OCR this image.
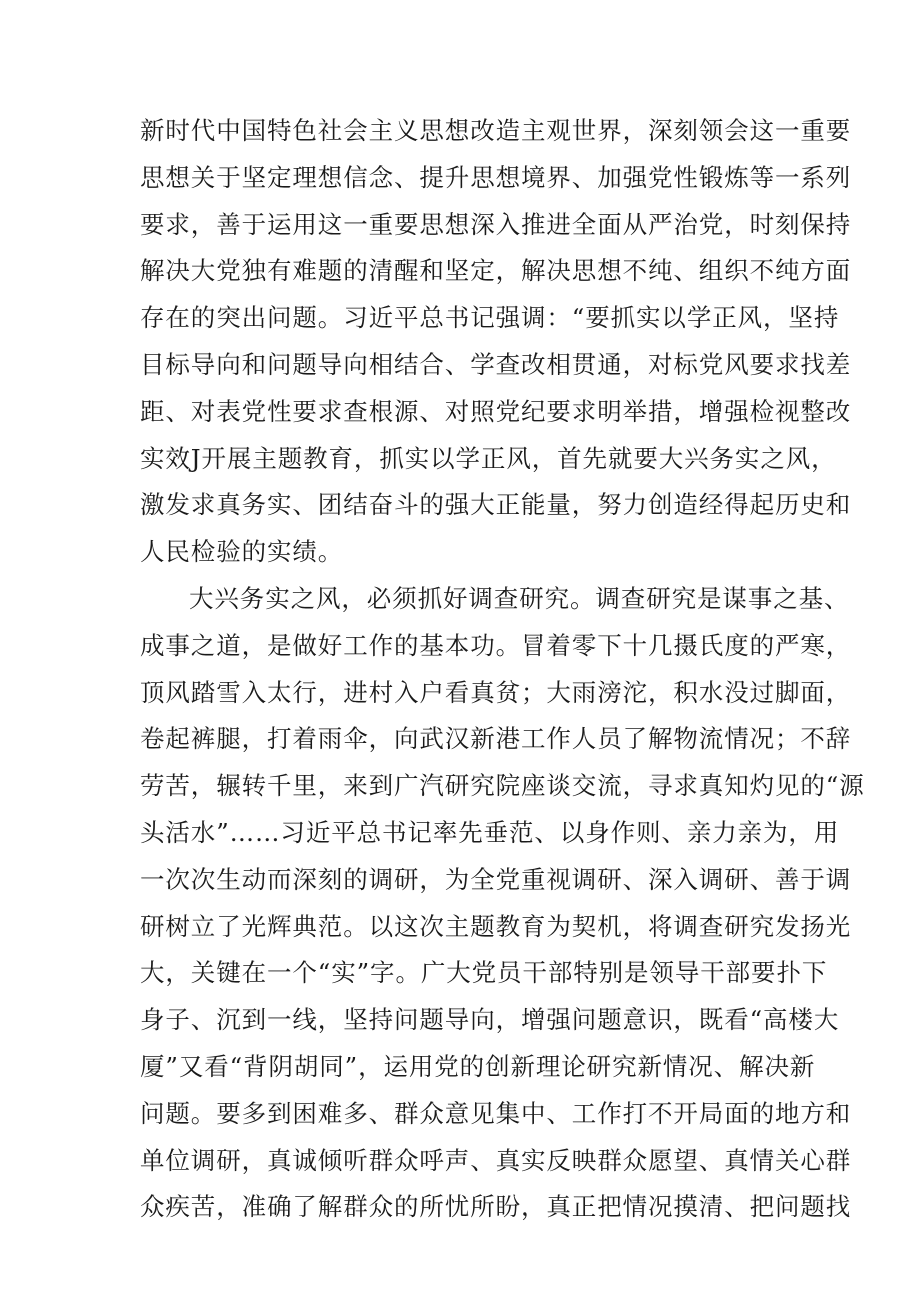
新时代中国特色社会主义思想改造主观世界，深刻领会这一重要
思想关于坚定理想信念、提升思想境界、加强党性锻炼等一系列
要求，善于运用这一重要思想深入推进全面从严治党，时刻保持
解决大党独有难题的清醒和坚定，解决思想不纯、组织不纯方面
存在的突出问题。习近平总书记强调：“要抓实以学正风，坚持
目标导向和问题导向相结合、学查改相贯通，对标党风要求找差
距、对表党性要求查根源、对照党纪要求明举措，增强检视整改
实效J开展主题教育，抓实以学正风，首先就要大兴务实之风，
激发求真务实、团结奋斗的强大正能量，努力创造经得起历史和
人民检验的实绩。
大兴务实之风，必须抓好调查研究。调查研究是谋事之基、
成事之道，是做好工作的基本功。冒着零下十几摄氏度的严寒，
顶风踏雪入太行，进村入户看真贫；大雨滂沱，积水没过脚面，
卷起裤腿，打着雨伞，向武汉新港工作人员了解物流情况；不辞
劳苦，辗转千里，来到广汽研究院座谈交流，寻求真知灼见的“源
头活水”……习近平总书记率先垂范、以身作则、亲力亲为，用
一次次生动而深刻的调研，为全党重视调研、深入调研、善于调
研树立了光辉典范。以这次主题教育为契机，将调查研究发扬光
大，关键在一个“实”字。广大党员干部特别是领导干部要扑下
身子、沉到一线，坚持问题导向，增强问题意识，既看“高楼大
厦”又看“背阴胡同”，运用党的创新理论研究新情况、解决新
问题。要多到困难多、群众意见集中、工作打不开局面的地方和
单位调研，真诚倾听群众呼声、真实反映群众愿望、真情关心群
众疾苦，准确了解群众的所忧所盼，真正把情况摸清、把问题找
